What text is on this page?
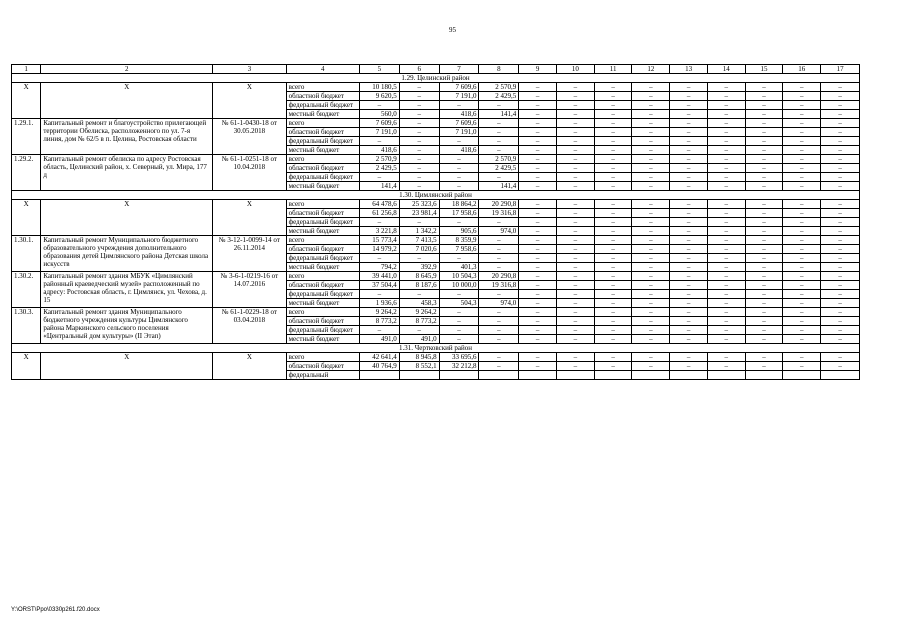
95
1	2	3	4	5	6	7	8	9	10	11	12	13	14	15	16	17
1.29. Целинский район																
Х	Х	Х	всего	10 180,5	–	7 609,6	2 570,9	–	–	–	–	–	–	–	–	–
			областной бюджет	9 620,5	–	7 191,0	2 429,5	–	–	–	–	–	–	–	–	–
			федеральный бюджет	–	–	–	–	–	–	–	–	–	–	–	–	–
			местный бюджет	560,0	–	418,6	141,4	–	–	–	–	–	–	–	–	–
1.29.1.	Капитальный ремонт и благоустройство прилегающей территории Обелиска, расположенного по ул. 7-я линия, дом № 62/5 в п. Целина, Ростовская области	№ 61-1-0430-18 от 30.05.2018	всего	7 609,6	–	7 609,6	–	–	–	–	–	–	–	–	–	–
			областной бюджет	7 191,0	–	7 191,0	–	–	–	–	–	–	–	–	–	–
			федеральный бюджет	–	–	–	–	–	–	–	–	–	–	–	–	–
			местный бюджет	418,6	–	418,6	–	–	–	–	–	–	–	–	–	–
1.29.2.	Капитальный ремонт обелиска по адресу Ростовская область, Целинский район, х. Северный, ул. Мира, 177 д	№ 61-1-0251-18 от 10.04.2018	всего	2 570,9	–	–	2 570,9	–	–	–	–	–	–	–	–	–
			областной бюджет	2 429,5	–	–	2 429,5	–	–	–	–	–	–	–	–	–
			федеральный бюджет	–	–	–	–	–	–	–	–	–	–	–	–	–
			местный бюджет	141,4	–	–	141,4	–	–	–	–	–	–	–	–	–
1.30. Цимлянский район																
Х	Х	Х	всего	64 478,6	25 323,6	18 864,2	20 290,8	–	–	–	–	–	–	–	–	–
			областной бюджет	61 256,8	23 981,4	17 958,6	19 316,8	–	–	–	–	–	–	–	–	–
			федеральный бюджет	–	–	–	–	–	–	–	–	–	–	–	–	–
			местный бюджет	3 221,8	1 342,2	905,6	974,0	–	–	–	–	–	–	–	–	–
1.30.1.	Капитальный ремонт Муниципального бюджетного образовательного учреждения дополнительного образования детей Цимлянского района Детская школа искусств	№ 3-12-1-0099-14 от 26.11.2014	всего	15 773,4	7 413,5	8 359,9	–	–	–	–	–	–	–	–	–	–
			областной бюджет	14 979,2	7 020,6	7 958,6	–	–	–	–	–	–	–	–	–	–
			федеральный бюджет	–	–	–	–	–	–	–	–	–	–	–	–	–
			местный бюджет	794,2	392,9	401,3	–	–	–	–	–	–	–	–	–	–
1.30.2.	Капитальный ремонт здания МБУК «Цимлянский районный краеведческий музей» расположенный по адресу: Ростовская область, г. Цимлянск, ул. Чехова, д. 15	№ 3-6-1-0219-16 от 14.07.2016	всего	39 441,0	8 645,9	10 504,3	20 290,8	–	–	–	–	–	–	–	–	–
			областной бюджет	37 504,4	8 187,6	10 000,0	19 316,8	–	–	–	–	–	–	–	–	–
			федеральный бюджет	–	–	–	–	–	–	–	–	–	–	–	–	–
			местный бюджет	1 936,6	458,3	504,3	974,0	–	–	–	–	–	–	–	–	–
1.30.3.	Капитальный ремонт здания Муниципального бюджетного учреждения культуры Цимлянского района Маркинского сельского поселения «Центральный дом культуры» (II Этап)	№ 61-1-0229-18 от 03.04.2018	всего	9 264,2	9 264,2	–	–	–	–	–	–	–	–	–	–	–
			областной бюджет	8 773,2	8 773,2	–	–	–	–	–	–	–	–	–	–	–
			федеральный бюджет	–	–	–	–	–	–	–	–	–	–	–	–	–
			местный бюджет	491,0	491,0	–	–	–	–	–	–	–	–	–	–	–
1.31. Чертковский район																
Х	Х	Х	всего	42 641,4	8 945,8	33 695,6	–	–	–	–	–	–	–	–	–	–
			областной бюджет	40 764,9	8 552,1	32 212,8	–	–	–	–	–	–	–	–	–	–
			федеральный													
Y:\ORST\Ppo\0330p261.f20.docx
